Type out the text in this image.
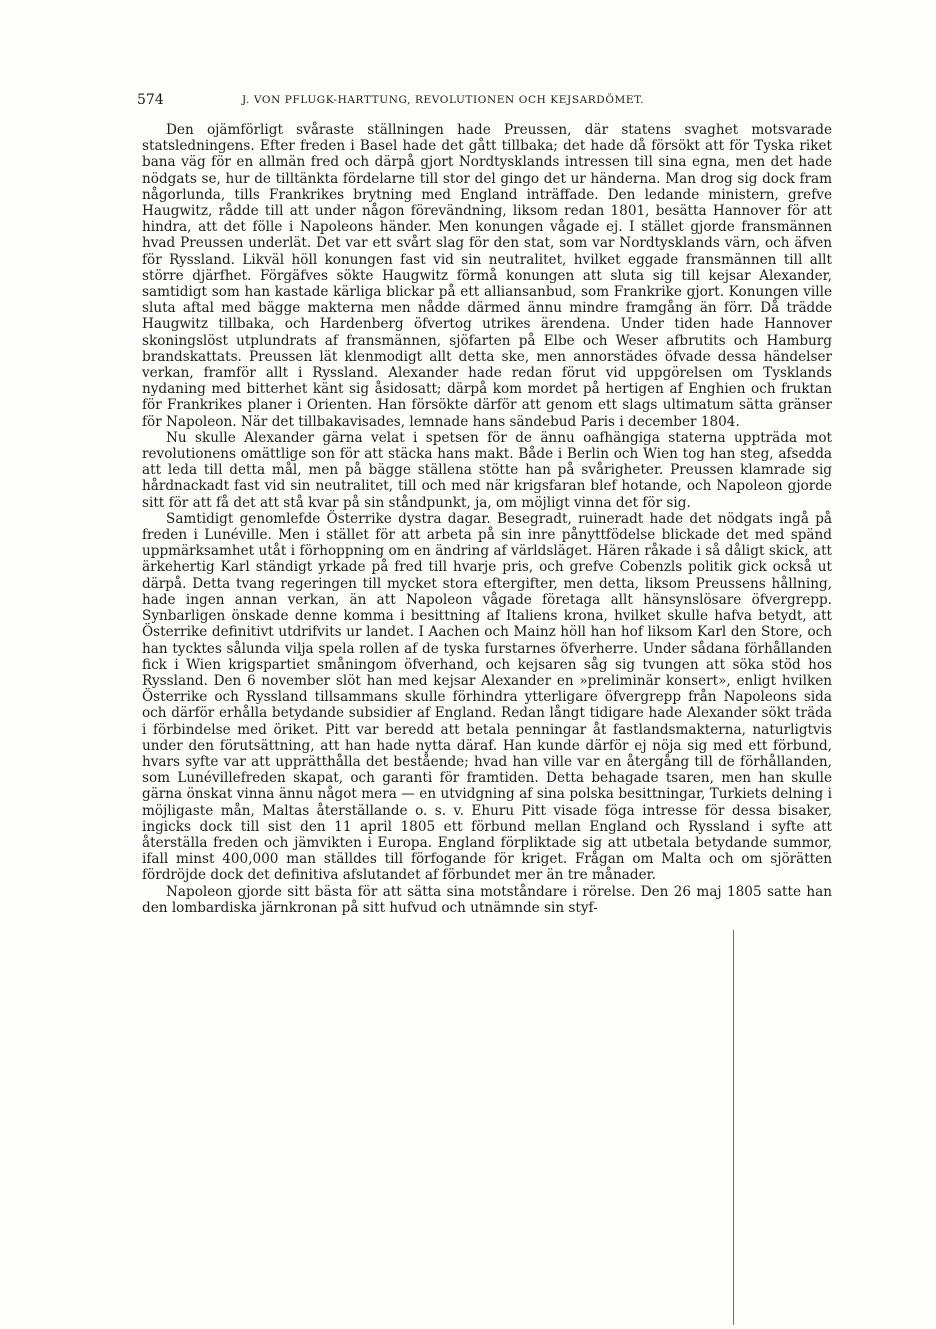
574	J. VON PFLUGK-HARTTUNG, REVOLUTIONEN OCH KEJSARDÖMET.

Den ojämförligt svåraste ställningen hade Preussen, där statens svaghet motsvarade statsledningens. Efter freden i Basel hade det gått tillbaka; det hade då försökt att för Tyska riket bana väg för en allmän fred och därpå gjort Nordtysklands intressen till sina egna, men det hade nödgats se, hur de tilltänkta fördelarne till stor del gingo det ur händerna. Man drog sig dock fram någorlunda, tills Frankrikes brytning med England inträffade. Den ledande ministern, grefve Haugwitz, rådde till att under någon förevändning, liksom redan 1801, besätta Hannover för att hindra, att det fölle i Napoleons händer. Men konungen vågade ej. I stället gjorde fransmännen hvad Preussen underlät. Det var ett svårt slag för den stat, som var Nordtysklands värn, och äfven för Ryssland. Likväl höll konungen fast vid sin neutralitet, hvilket eggade fransmännen till allt större djärfhet. Förgäfves sökte Haugwitz förmå konungen att sluta sig till kejsar Alexander, samtidigt som han kastade kärliga blickar på ett alliansanbud, som Frankrike gjort. Konungen ville sluta aftal med bägge makterna men nådde därmed ännu mindre framgång än förr. Då trädde Haugwitz tillbaka, och Hardenberg öfvertog utrikes ärendena. Under tiden hade Hannover skoningslöst utplundrats af fransmännen, sjöfarten på Elbe och Weser afbrutits och Hamburg brandskattats. Preussen lät klenmodigt allt detta ske, men annorstädes öfvade dessa händelser verkan, framför allt i Ryssland. Alexander hade redan förut vid uppgörelsen om Tysklands nydaning med bitterhet känt sig åsidosatt; därpå kom mordet på hertigen af Enghien och fruktan för Frankrikes planer i Orienten. Han försökte därför att genom ett slags ultimatum sätta gränser för Napoleon. När det tillbakavisades, lemnade hans sändebud Paris i december 1804.

Nu skulle Alexander gärna velat i spetsen för de ännu oafhängiga staterna uppträda mot revolutionens omättlige son för att stäcka hans makt. Både i Berlin och Wien tog han steg, afsedda att leda till detta mål, men på bägge ställena stötte han på svårigheter. Preussen klamrade sig hårdnackadt fast vid sin neutralitet, till och med när krigsfaran blef hotande, och Napoleon gjorde sitt för att få det att stå kvar på sin ståndpunkt, ja, om möjligt vinna det för sig.

Samtidigt genomlefde Österrike dystra dagar. Besegradt, ruineradt hade det nödgats ingå på freden i Lunéville. Men i stället för att arbeta på sin inre pånyttfödelse blickade det med spänd uppmärksamhet utåt i förhoppning om en ändring af världsläget. Hären råkade i så dåligt skick, att ärkehertig Karl ständigt yrkade på fred till hvarje pris, och grefve Cobenzls politik gick också ut därpå. Detta tvang regeringen till mycket stora eftergifter, men detta, liksom Preussens hållning, hade ingen annan verkan, än att Napoleon vågade företaga allt hänsynslösare öfvergrepp. Synbarligen önskade denne komma i besittning af Italiens krona, hvilket skulle hafva betydt, att Österrike definitivt utdrifvits ur landet. I Aachen och Mainz höll han hof liksom Karl den Store, och han tycktes sålunda vilja spela rollen af de tyska furstarnes öfverherre. Under sådana förhållanden fick i Wien krigspartiet småningom öfverhand, och kejsaren såg sig tvungen att söka stöd hos Ryssland. Den 6 november slöt han med kejsar Alexander en »preliminär konsert», enligt hvilken Österrike och Ryssland tillsammans skulle förhindra ytterligare öfvergrepp från Napoleons sida och därför erhålla betydande subsidier af England. Redan långt tidigare hade Alexander sökt träda i förbindelse med öriket. Pitt var beredd att betala penningar åt fastlandsmakterna, naturligtvis under den förutsättning, att han hade nytta däraf. Han kunde därför ej nöja sig med ett förbund, hvars syfte var att upprätthålla det bestående; hvad han ville var en återgång till de förhållanden, som Lunévillefreden skapat, och garanti för framtiden. Detta behagade tsaren, men han skulle gärna önskat vinna ännu något mera — en utvidgning af sina polska besittningar, Turkiets delning i möjligaste mån, Maltas återställande o. s. v. Ehuru Pitt visade föga intresse för dessa bisaker, ingicks dock till sist den 11 april 1805 ett förbund mellan England och Ryssland i syfte att återställa freden och jämvikten i Europa. England förpliktade sig att utbetala betydande summor, ifall minst 400,000 man ställdes till förfogande för kriget. Frågan om Malta och om sjörätten fördröjde dock det definitiva afslutandet af förbundet mer än tre månader.

Napoleon gjorde sitt bästa för att sätta sina motståndare i rörelse. Den 26 maj 1805 satte han den lombardiska järnkronan på sitt hufvud och utnämnde sin styf-
